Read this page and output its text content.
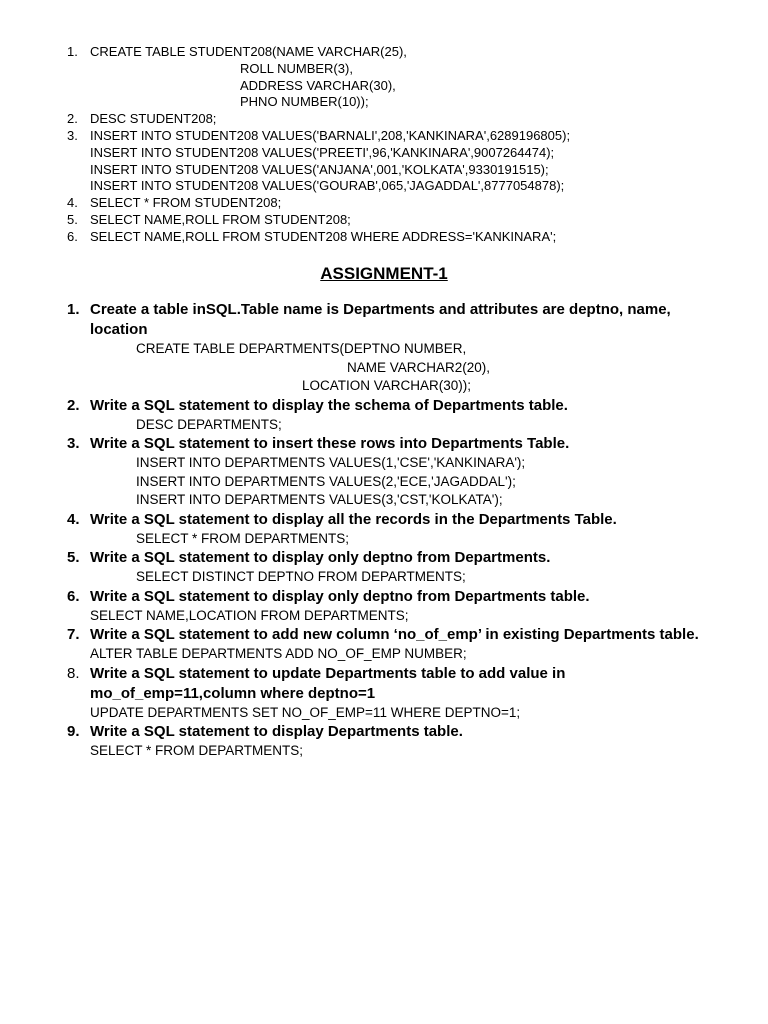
1. CREATE TABLE STUDENT208(NAME VARCHAR(25),
ROLL NUMBER(3),
ADDRESS VARCHAR(30),
PHNO NUMBER(10));
2. DESC STUDENT208;
3. INSERT INTO STUDENT208 VALUES('BARNALI',208,'KANKINARA',6289196805);
INSERT INTO STUDENT208 VALUES('PREETI',96,'KANKINARA',9007264474);
INSERT INTO STUDENT208 VALUES('ANJANA',001,'KOLKATA',9330191515);
INSERT INTO STUDENT208 VALUES('GOURAB',065,'JAGADDAL',8777054878);
4. SELECT * FROM STUDENT208;
5. SELECT NAME,ROLL FROM STUDENT208;
6. SELECT NAME,ROLL FROM STUDENT208 WHERE ADDRESS='KANKINARA';
ASSIGNMENT-1
1. Create a table inSQL.Table name is Departments and attributes are deptno, name,
location
CREATE TABLE DEPARTMENTS(DEPTNO NUMBER,
NAME VARCHAR2(20),
LOCATION VARCHAR(30));
2. Write a SQL statement to display the schema of Departments table.
DESC DEPARTMENTS;
3. Write a SQL statement to insert these rows into Departments Table.
INSERT INTO DEPARTMENTS VALUES(1,'CSE','KANKINARA');
INSERT INTO DEPARTMENTS VALUES(2,'ECE,'JAGADDAL');
INSERT INTO DEPARTMENTS VALUES(3,'CST,'KOLKATA');
4. Write a SQL statement to display all the records in the Departments Table.
SELECT * FROM DEPARTMENTS;
5. Write a SQL statement to display only deptno from Departments.
SELECT DISTINCT DEPTNO FROM DEPARTMENTS;
6. Write a SQL statement to display only deptno from Departments table.
SELECT NAME,LOCATION FROM DEPARTMENTS;
7. Write a SQL statement to add new column ‘no_of_emp’ in existing Departments table.
ALTER TABLE DEPARTMENTS ADD NO_OF_EMP NUMBER;
8. Write a SQL statement to update Departments table to add value in
mo_of_emp=11,column where deptno=1
UPDATE DEPARTMENTS SET NO_OF_EMP=11 WHERE DEPTNO=1;
9. Write a SQL statement to display Departments table.
SELECT * FROM DEPARTMENTS;
